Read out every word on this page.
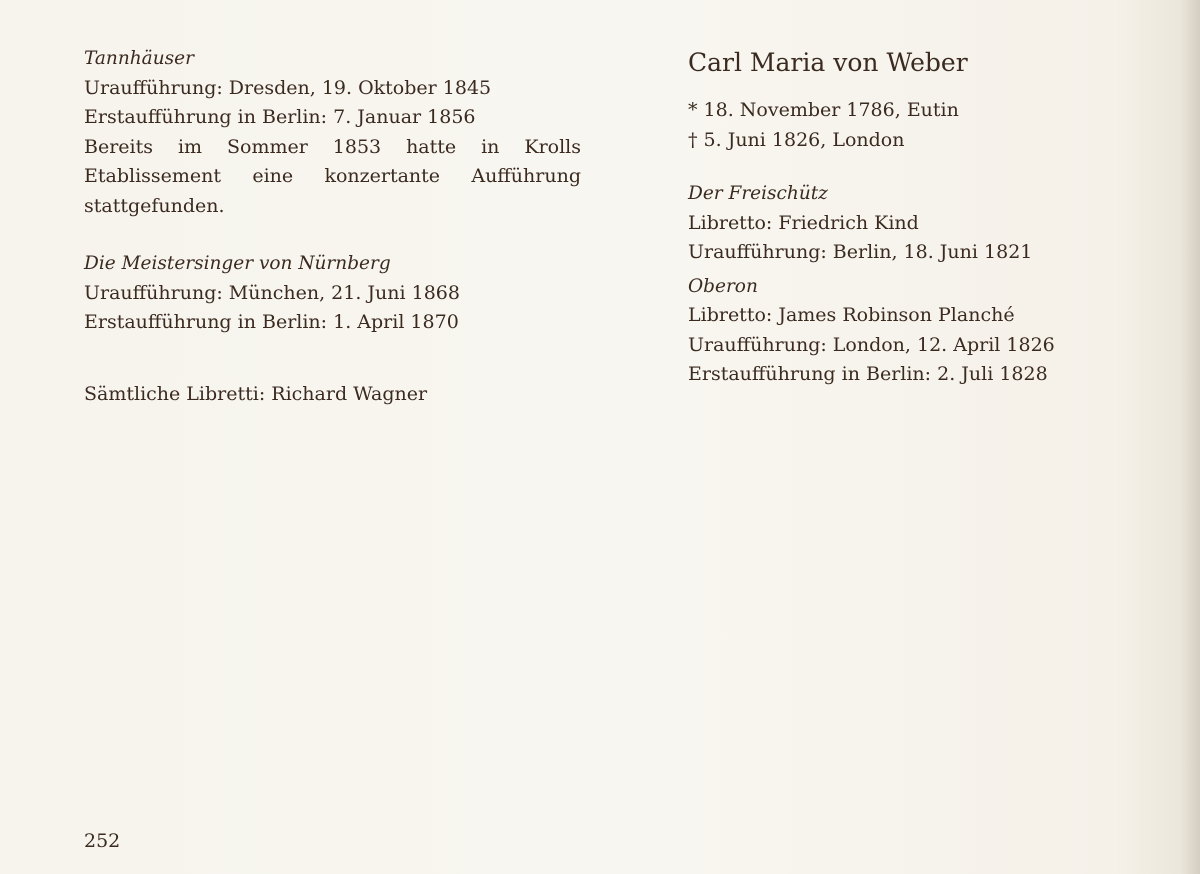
Tannhäuser
Uraufführung: Dresden, 19. Oktober 1845
Erstaufführung in Berlin: 7. Januar 1856
Bereits im Sommer 1853 hatte in Krolls Etablissement eine konzertante Aufführung stattgefunden.
Die Meistersinger von Nürnberg
Uraufführung: München, 21. Juni 1868
Erstaufführung in Berlin: 1. April 1870
Sämtliche Libretti: Richard Wagner
Carl Maria von Weber
* 18. November 1786, Eutin
† 5. Juni 1826, London
Der Freischütz
Libretto: Friedrich Kind
Uraufführung: Berlin, 18. Juni 1821
Oberon
Libretto: James Robinson Planché
Uraufführung: London, 12. April 1826
Erstaufführung in Berlin: 2. Juli 1828
252
